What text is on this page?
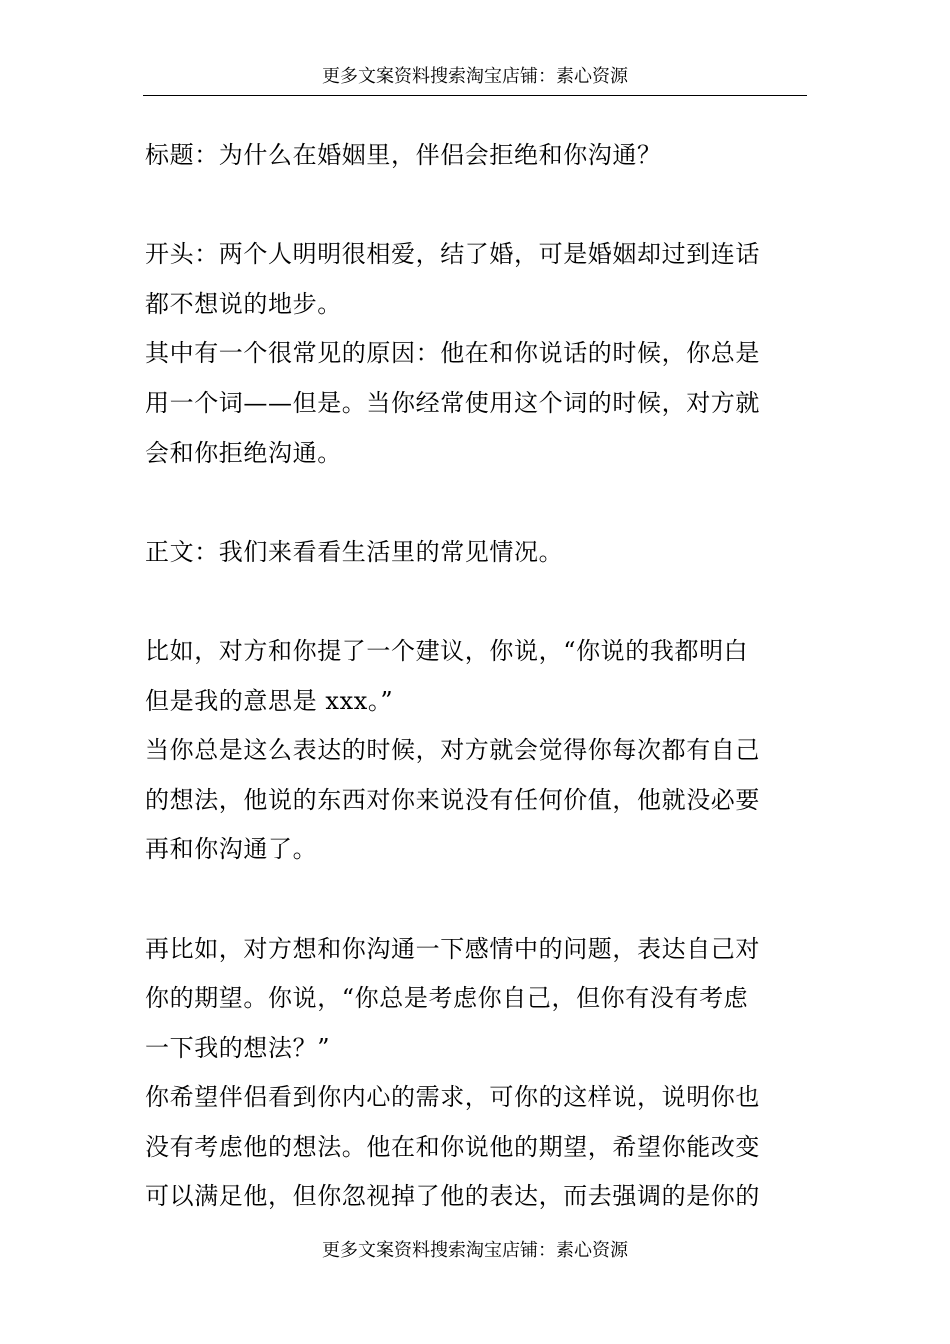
更多文案资料搜索淘宝店铺：素心资源

标题：为什么在婚姻里，伴侣会拒绝和你沟通？

开头：两个人明明很相爱，结了婚，可是婚姻却过到连话
都不想说的地步。

其中有一个很常见的原因：他在和你说话的时候，你总是
用一个词——但是。当你经常使用这个词的时候，对方就
会和你拒绝沟通。

正文：我们来看看生活里的常见情况。

比如，对方和你提了一个建议，你说，“你说的我都明白
但是我的意思是 xxx。”

当你总是这么表达的时候，对方就会觉得你每次都有自己
的想法，他说的东西对你来说没有任何价值，他就没必要
再和你沟通了。

再比如，对方想和你沟通一下感情中的问题，表达自己对
你的期望。你说，“你总是考虑你自己，但你有没有考虑
一下我的想法？”

你希望伴侣看到你内心的需求，可你的这样说，说明你也
没有考虑他的想法。他在和你说他的期望，希望你能改变
可以满足他，但你忽视掉了他的表达，而去强调的是你的

更多文案资料搜索淘宝店铺：素心资源
